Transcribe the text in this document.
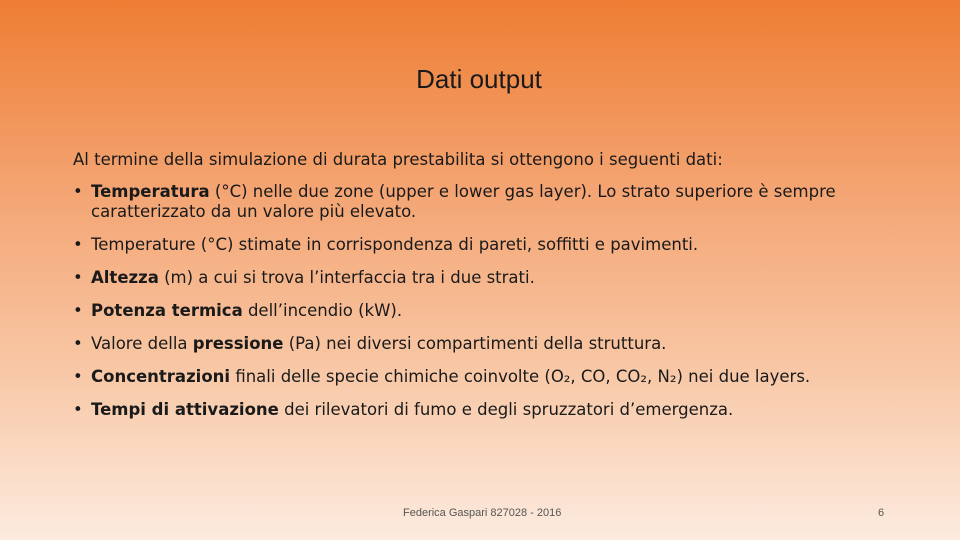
Dati output
Al termine della simulazione di durata prestabilita si ottengono i seguenti dati:
• Temperatura (°C) nelle due zone (upper e lower gas layer). Lo strato superiore è sempre caratterizzato da un valore più elevato.
• Temperature (°C) stimate in corrispondenza di pareti, soffitti e pavimenti.
• Altezza (m) a cui si trova l’interfaccia tra i due strati.
• Potenza termica dell’incendio (kW).
• Valore della pressione (Pa) nei diversi compartimenti della struttura.
• Concentrazioni finali delle specie chimiche coinvolte (O₂, CO, CO₂, N₂) nei due layers.
• Tempi di attivazione dei rilevatori di fumo e degli spruzzatori d’emergenza.
Federica Gaspari 827028 - 2016	6
